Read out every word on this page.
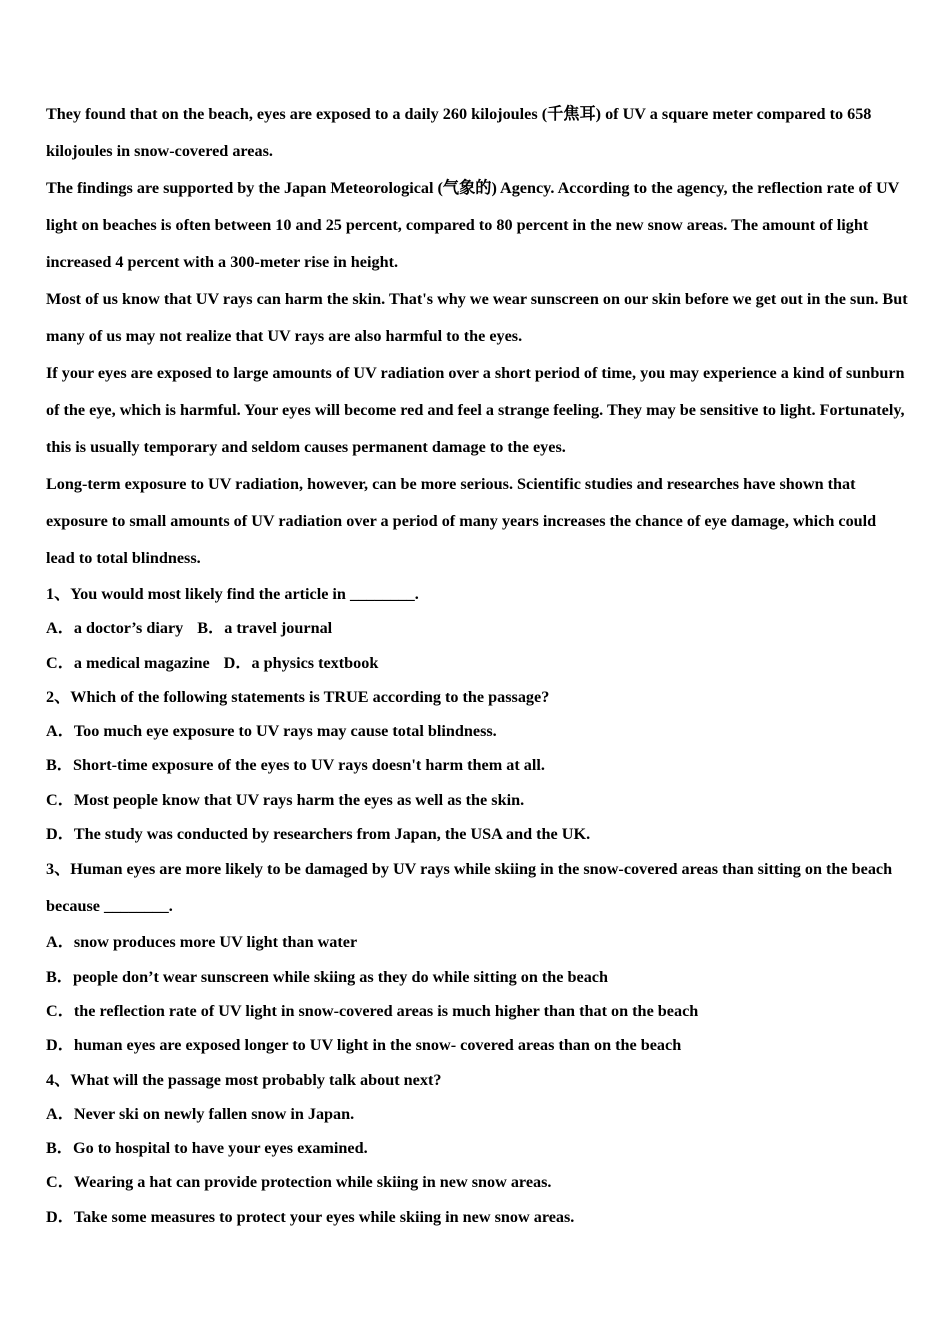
They found that on the beach, eyes are exposed to a daily 260 kilojoules (千焦耳) of UV a square meter compared to 658 kilojoules in snow-covered areas.

The findings are supported by the Japan Meteorological (气象的) Agency. According to the agency, the reflection rate of UV light on beaches is often between 10 and 25 percent, compared to 80 percent in the new snow areas. The amount of light increased 4 percent with a 300-meter rise in height.

Most of us know that UV rays can harm the skin. That's why we wear sunscreen on our skin before we get out in the sun. But many of us may not realize that UV rays are also harmful to the eyes.

If your eyes are exposed to large amounts of UV radiation over a short period of time, you may experience a kind of sunburn of the eye, which is harmful. Your eyes will become red and feel a strange feeling. They may be sensitive to light. Fortunately, this is usually temporary and seldom causes permanent damage to the eyes.

Long-term exposure to UV radiation, however, can be more serious. Scientific studies and researches have shown that exposure to small amounts of UV radiation over a period of many years increases the chance of eye damage, which could lead to total blindness.

1、You would most likely find the article in ________.

A．a doctor’s diary B．a travel journal

C．a medical magazine D．a physics textbook

2、Which of the following statements is TRUE according to the passage?

A．Too much eye exposure to UV rays may cause total blindness.

B．Short-time exposure of the eyes to UV rays doesn't harm them at all.

C．Most people know that UV rays harm the eyes as well as the skin.

D．The study was conducted by researchers from Japan, the USA and the UK.

3、Human eyes are more likely to be damaged by UV rays while skiing in the snow-covered areas than sitting on the beach because ________.

A．snow produces more UV light than water

B．people don’t wear sunscreen while skiing as they do while sitting on the beach

C．the reflection rate of UV light in snow-covered areas is much higher than that on the beach

D．human eyes are exposed longer to UV light in the snow- covered areas than on the beach

4、What will the passage most probably talk about next?

A．Never ski on newly fallen snow in Japan.

B．Go to hospital to have your eyes examined.

C．Wearing a hat can provide protection while skiing in new snow areas.

D．Take some measures to protect your eyes while skiing in new snow areas.
